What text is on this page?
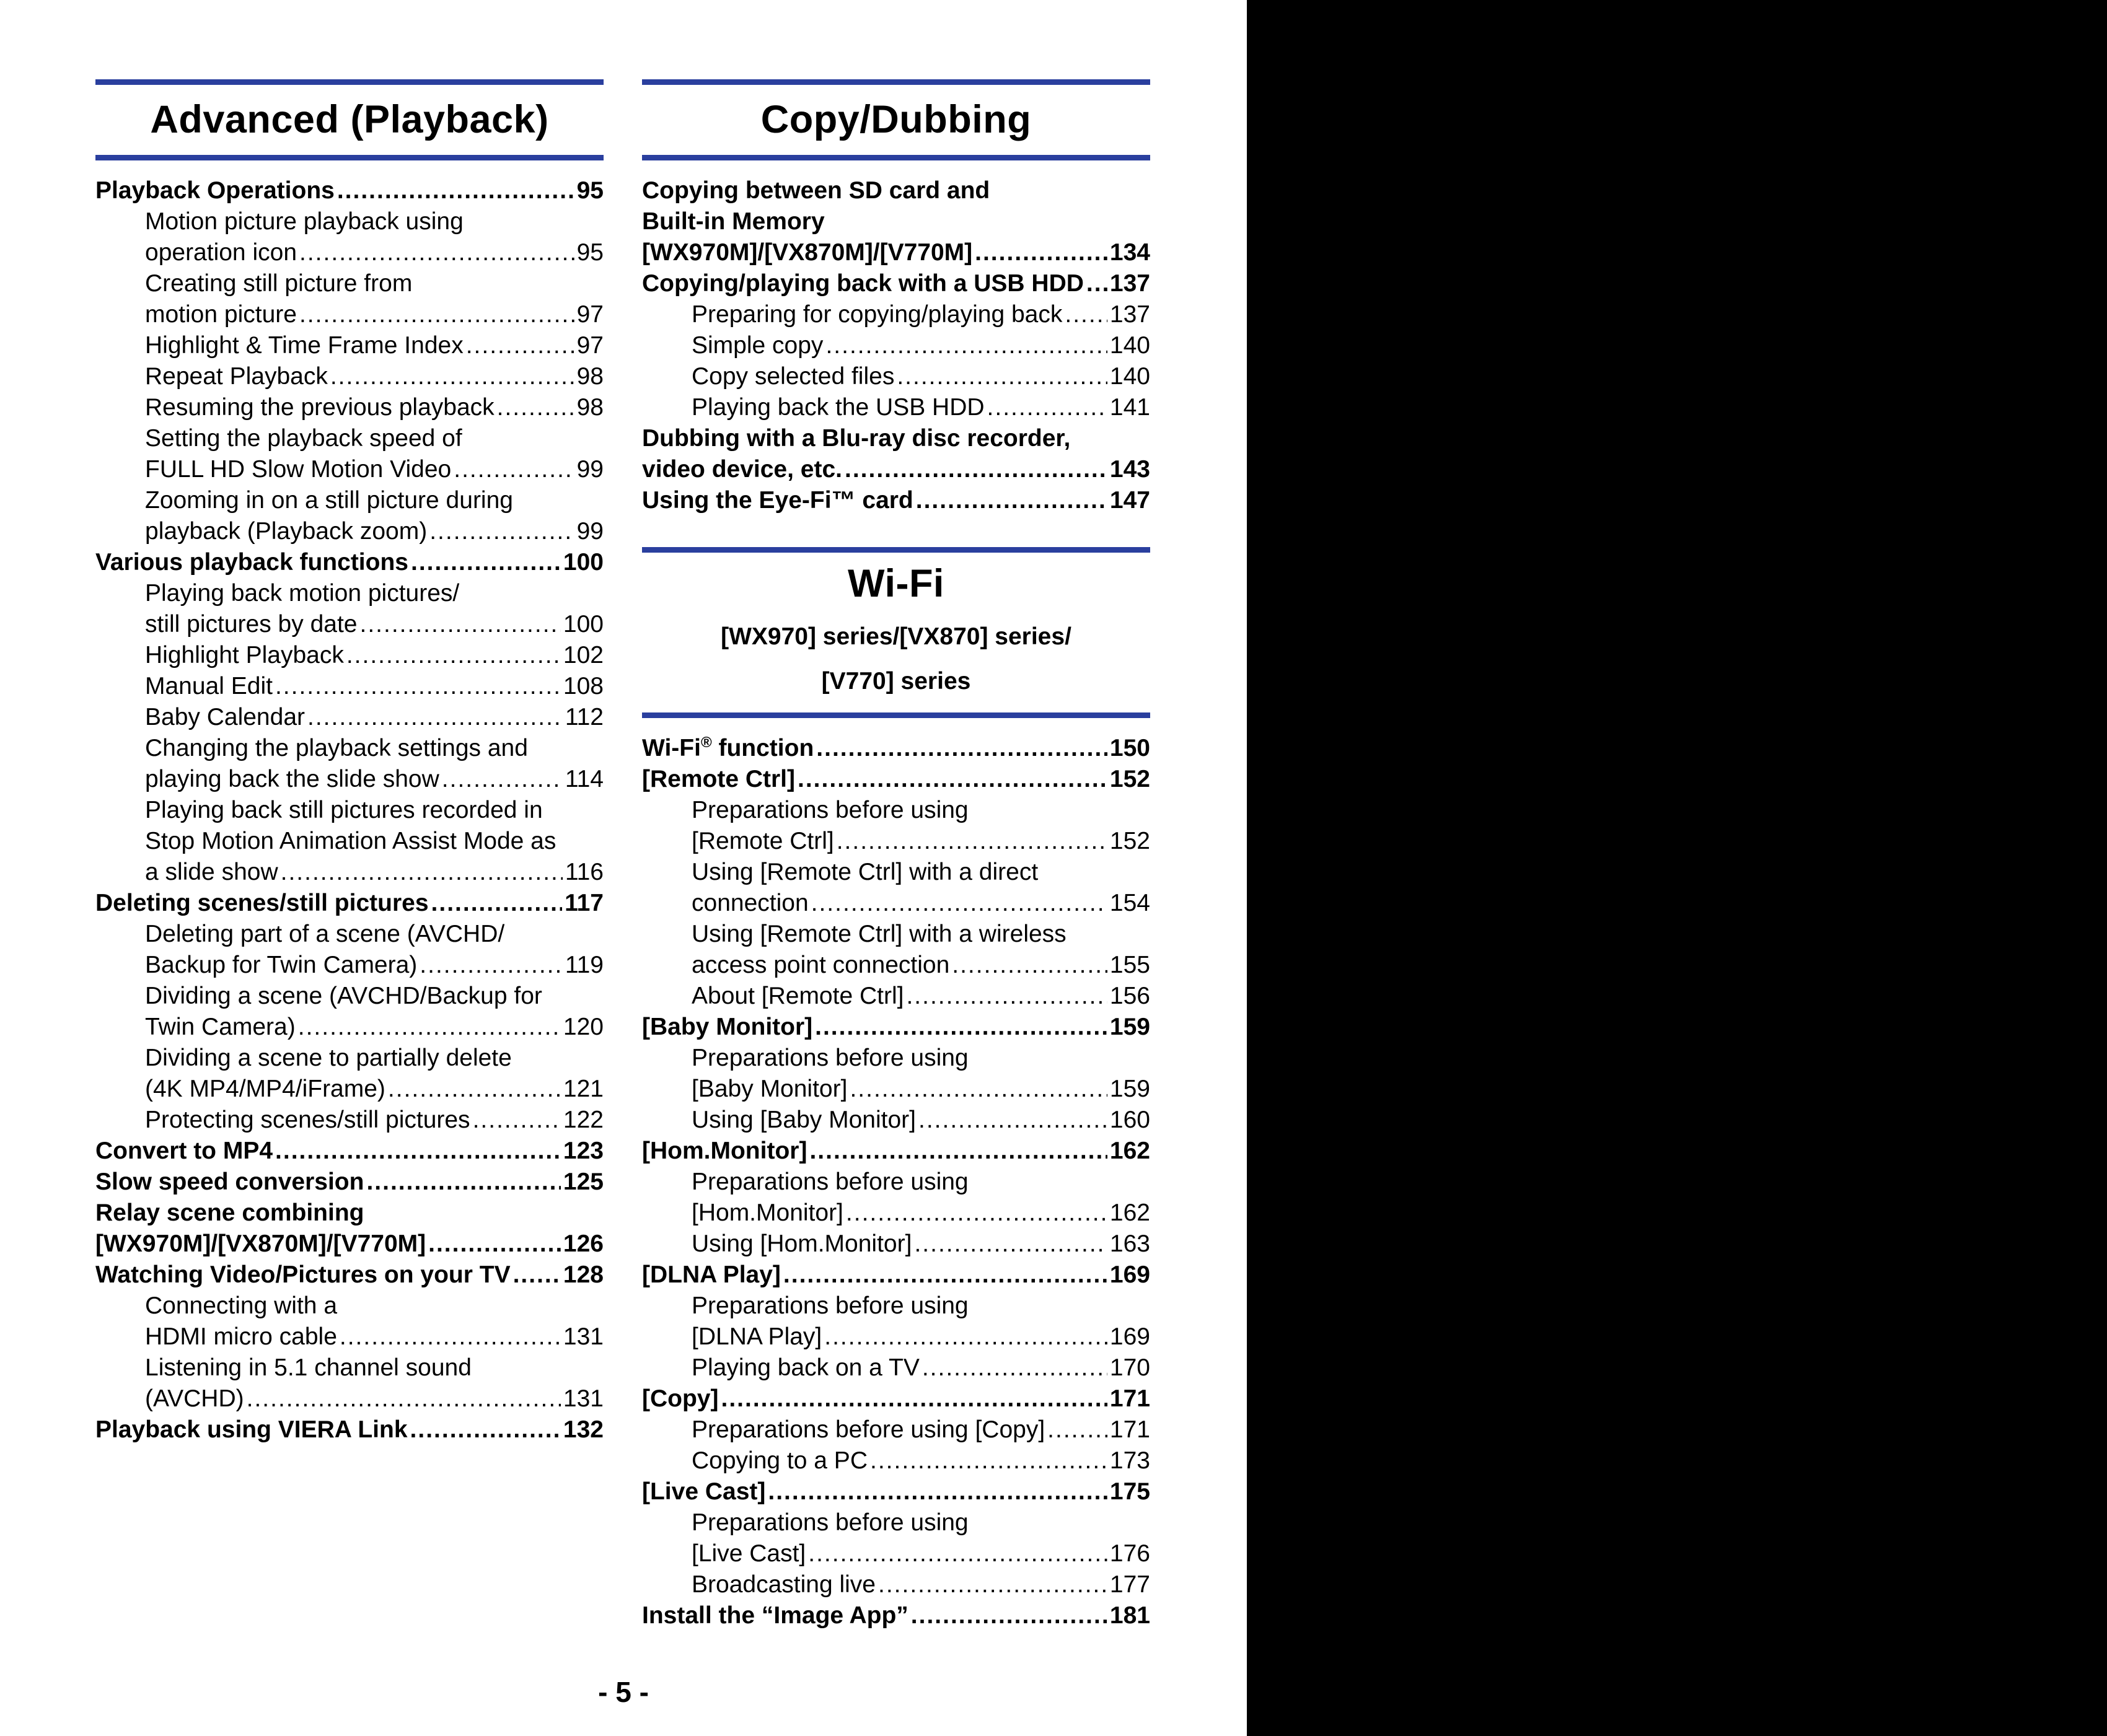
Advanced (Playback)
Playback Operations .....	95
Motion picture playback using
operation icon .....	95
Creating still picture from
motion picture .....	97
Highlight & Time Frame Index .....	97
Repeat Playback .....	98
Resuming the previous playback .....	98
Setting the playback speed of
FULL HD Slow Motion Video .....	99
Zooming in on a still picture during
playback (Playback zoom) .....	99
Various playback functions .....	100
Playing back motion pictures/
still pictures by date .....	100
Highlight Playback .....	102
Manual Edit .....	108
Baby Calendar .....	112
Changing the playback settings and
playing back the slide show .....	114
Playing back still pictures recorded in
Stop Motion Animation Assist Mode as
a slide show .....	116
Deleting scenes/still pictures .....	117
Deleting part of a scene (AVCHD/
Backup for Twin Camera) .....	119
Dividing a scene (AVCHD/Backup for
Twin Camera) .....	120
Dividing a scene to partially delete
(4K MP4/MP4/iFrame) .....	121
Protecting scenes/still pictures .....	122
Convert to MP4 .....	123
Slow speed conversion .....	125
Relay scene combining
[WX970M]/[VX870M]/[V770M] .....	126
Watching Video/Pictures on your TV ..... 128
Connecting with a
HDMI micro cable .....	131
Listening in 5.1 channel sound
(AVCHD) .....	131
Playback using VIERA Link .....	132
Copy/Dubbing
Copying between SD card and
Built-in Memory
[WX970M]/[VX870M]/[V770M] .....	134
Copying/playing back with a USB HDD ..... 137
Preparing for copying/playing back ..... 137
Simple copy .....	140
Copy selected files .....	140
Playing back the USB HDD .....	141
Dubbing with a Blu-ray disc recorder,
video device, etc. .....	143
Using the Eye-Fi™ card .....	147
Wi-Fi
[WX970] series/[VX870] series/
[V770] series
Wi-Fi® function .....	150
[Remote Ctrl] .....	152
Preparations before using
[Remote Ctrl] .....	152
Using [Remote Ctrl] with a direct
connection .....	154
Using [Remote Ctrl] with a wireless
access point connection .....	155
About [Remote Ctrl] .....	156
[Baby Monitor] .....	159
Preparations before using
[Baby Monitor] .....	159
Using [Baby Monitor] .....	160
[Hom.Monitor] .....	162
Preparations before using
[Hom.Monitor] .....	162
Using [Hom.Monitor] .....	163
[DLNA Play] .....	169
Preparations before using
[DLNA Play] .....	169
Playing back on a TV .....	170
[Copy] .....	171
Preparations before using [Copy] .....	171
Copying to a PC .....	173
[Live Cast] .....	175
Preparations before using
[Live Cast] .....	176
Broadcasting live .....	177
Install the “Image App” .....	181
- 5 -
